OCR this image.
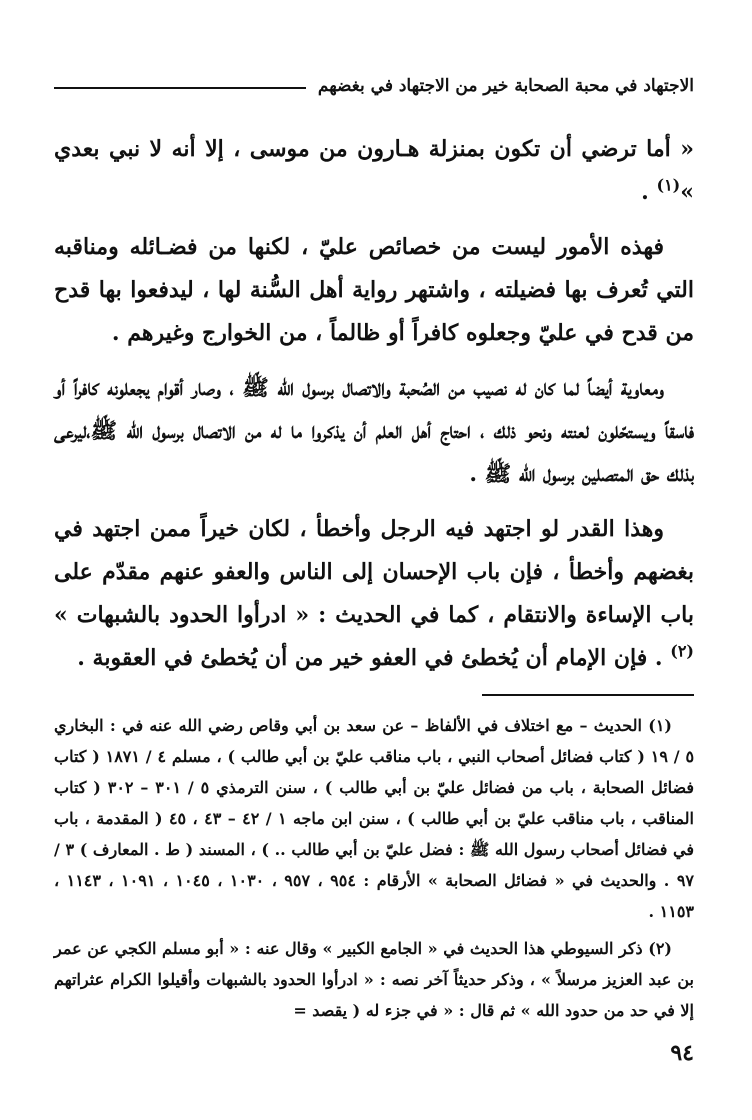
الاجتهاد في محبة الصحابة خير من الاجتهاد في بغضهم

« أما ترضي أن تكون بمنزلة هـارون من موسى ، إلا أنه لا نبي بعدي »$^{(١)}$ .

فهذه الأمور ليست من خصائص عليّ ، لكنها من فضـائله ومناقبه التي تُعرف بها فضيلته ، واشتهر رواية أهل السُّنة لها ، ليدفعوا بها قدح من قدح في عليّ وجعلوه كافراً أو ظالماً ، من الخوارج وغيرهم .

ومعاوية أيضاً لما كان له نصيب من الصُحبة والاتصال برسول الله ﷺ ، وصار أقوام يجعلونه كافراً أو فاسقاً ويستحّلون لعنته ونحو ذلك ، احتاج أهل العلم أن يذكروا ما له من الاتصال برسول الله ﷺ،ليرعى بذلك حق المتصلين برسول الله ﷺ .

وهذا القدر لو اجتهد فيه الرجل وأخطأ ، لكان خيراً ممن اجتهد في بغضهم وأخطأ ، فإن باب الإحسان إلى الناس والعفو عنهم مقدّم على باب الإساءة والانتقام ، كما في الحديث : « ادرأوا الحدود بالشبهات » $^{(٢)}$ . فإن الإمام أن يُخطئ في العفو خير من أن يُخطئ في العقوبة .

(١) الحديث – مع اختلاف في الألفاظ – عن سعد بن أبي وقاص رضي الله عنه في : البخاري ٥ / ١٩ ( كتاب فضائل أصحاب النبي ، باب مناقب عليّ بن أبي طالب ) ، مسلم ٤ / ١٨٧١ ( كتاب فضائل الصحابة ، باب من فضائل عليّ بن أبي طالب ) ، سنن الترمذي ٥ / ٣٠١ – ٣٠٢ ( كتاب المناقب ، باب مناقب عليّ بن أبي طالب ) ، سنن ابن ماجه ١ / ٤٢ – ٤٣ ، ٤٥ ( المقدمة ، باب في فضائل أصحاب رسول الله ﷺ : فضل عليّ بن أبي طالب .. ) ، المسند ( ط . المعارف ) ٣ / ٩٧ . والحديث في « فضائل الصحابة » الأرقام : ٩٥٤ ، ٩٥٧ ، ١٠٣٠ ، ١٠٤٥ ، ١٠٩١ ، ١١٤٣ ، ١١٥٣ .

(٢) ذكر السيوطي هذا الحديث في « الجامع الكبير » وقال عنه : « أبو مسلم الكجي عن عمر بن عبد العزيز مرسلاً » ، وذكر حديثاً آخر نصه : « ادرأوا الحدود بالشبهات وأقيلوا الكرام عثراتهم إلا في حد من حدود الله » ثم قال : « في جزء له ( يقصد =

٩٤
